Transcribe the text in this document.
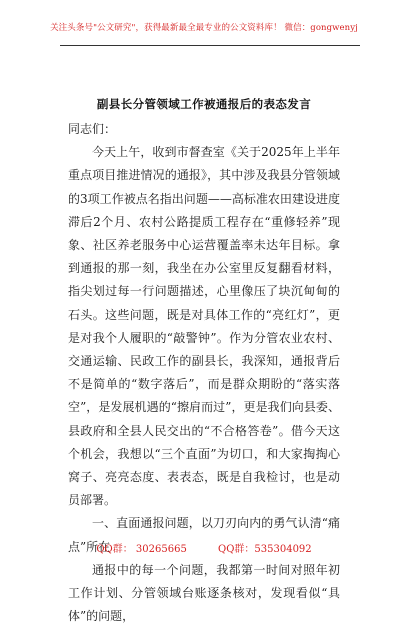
关注头条号"公文研究"，获得最新最全最专业的公文资料库！ 微信：gongwenyj
副县长分管领域工作被通报后的表态发言

同志们：

今天上午，收到市督查室《关于2025年上半年重点项目推进情况的通报》，其中涉及我县分管领域的3项工作被点名指出问题——高标准农田建设进度滞后2个月、农村公路提质工程存在“重修轻养”现象、社区养老服务中心运营覆盖率未达年目标。拿到通报的那一刻，我坐在办公室里反复翻看材料，指尖划过每一行问题描述，心里像压了块沉甸甸的石头。这些问题，既是对具体工作的“亮红灯”，更是对我个人履职的“敲警钟”。作为分管农业农村、交通运输、民政工作的副县长，我深知，通报背后不是简单的“数字落后”，而是群众期盼的“落实落空”，是发展机遇的“擦肩而过”，更是我们向县委、县政府和全县人民交出的“不合格答卷”。借今天这个机会，我想以“三个直面”为切口，和大家掏掏心窝子、亮亮态度、表表态，既是自我检讨，也是动员部署。

一、直面通报问题，以刀刃向内的勇气认清“痛点”所在

通报中的每一个问题，我都第一时间对照年初工作计划、分管领域台账逐条核对，发现看似“具体”的问题，

QQ群： 30265665	QQ群：535304092
